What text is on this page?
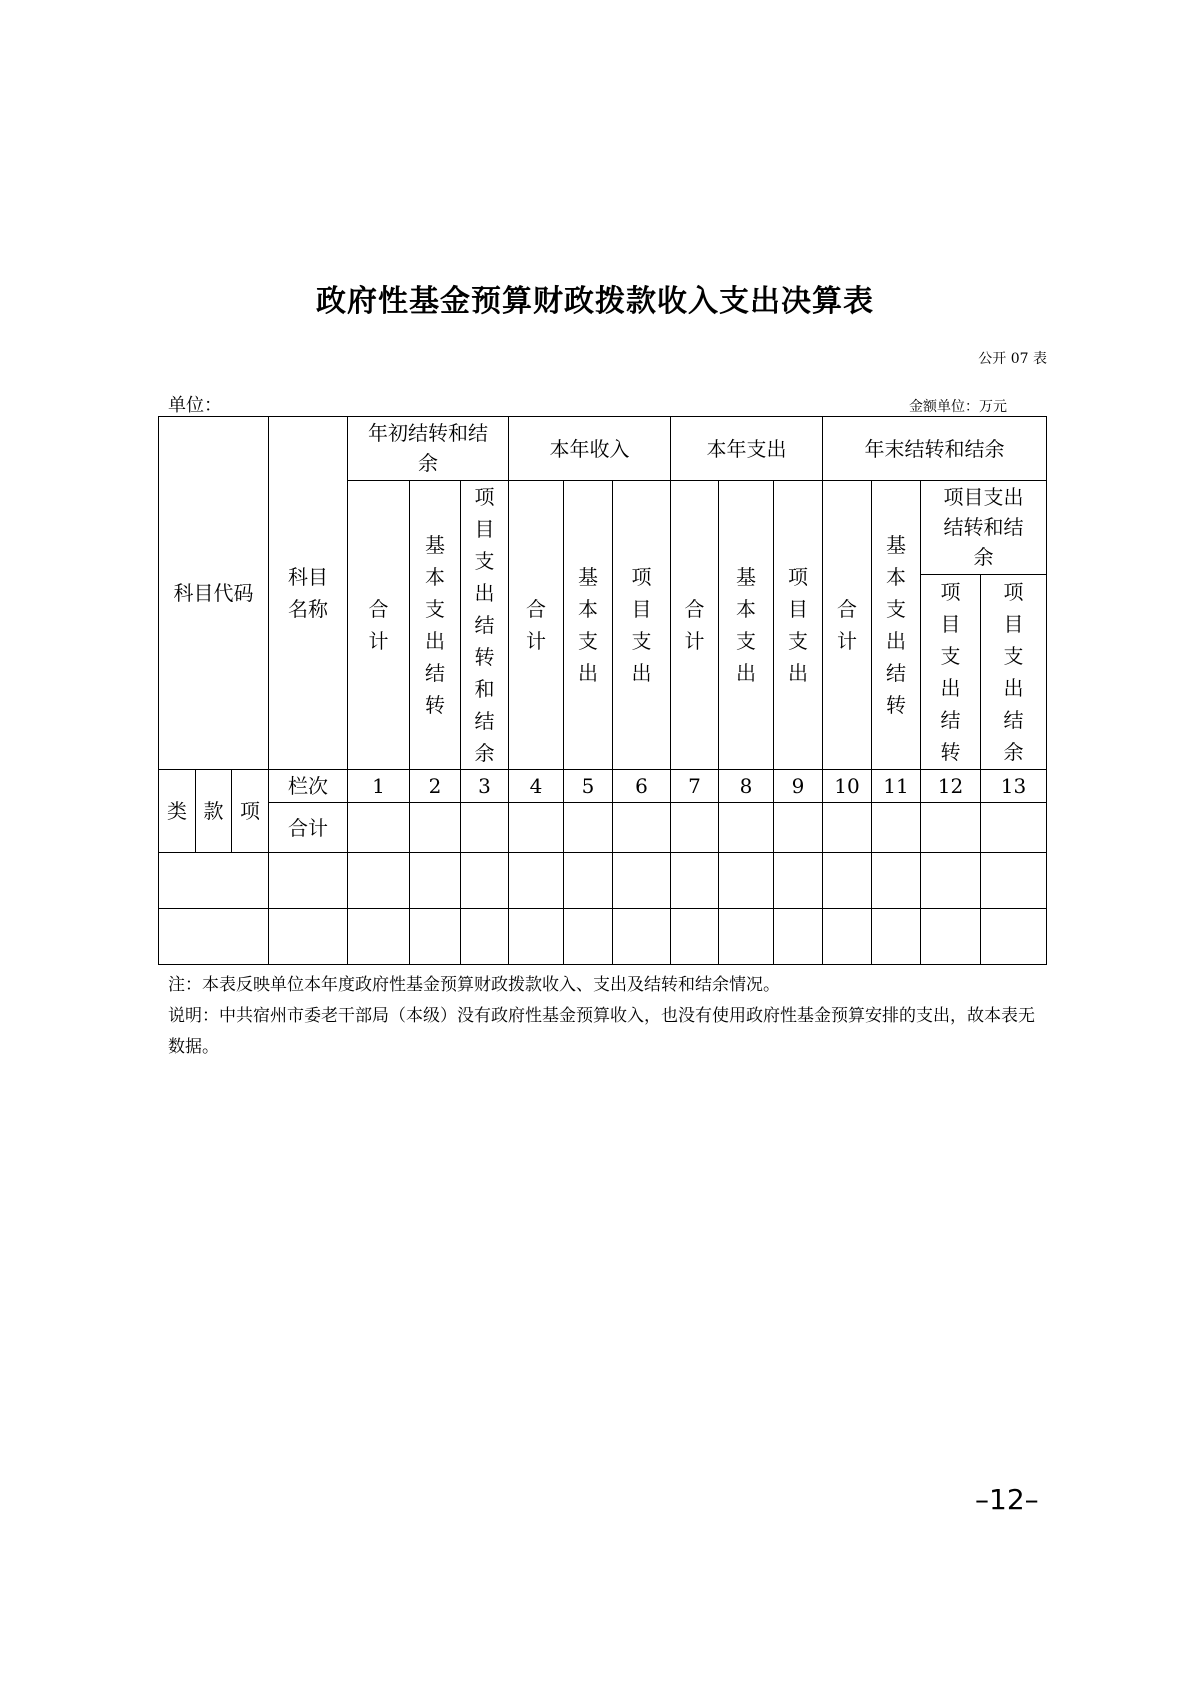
政府性基金预算财政拨款收入支出决算表
公开 07 表
单位：	金额单位：万元
科目代码			科目名称	年初结转和结余			本年收入			本年支出			年末结转和结余			
				合计	基本支出结转	项目支出结转和结余	合计	基本支出	项目支出	合计	基本支出	项目支出	合计	基本支出结转	项目支出结转和结余	
															项目支出结转	项目支出结余
类	款	项	栏次	1	2	3	4	5	6	7	8	9	10	11	12	13
			合计													

注：本表反映单位本年度政府性基金预算财政拨款收入、支出及结转和结余情况。

说明：中共宿州市委老干部局（本级）没有政府性基金预算收入，也没有使用政府性基金预算安排的支出，故本表无数据。

–12–
